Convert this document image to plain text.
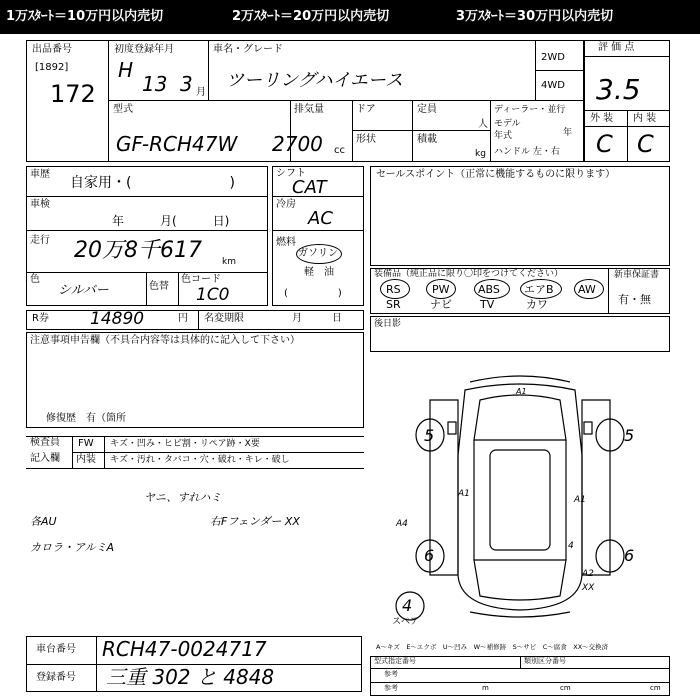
1万ｽﾀｰﾄ＝10万円以内売切	2万ｽﾀｰﾄ＝20万円以内売切	3万ｽﾀｰﾄ＝30万円以内売切
出品番号
[1892]
172
初度登録年月
H
13 3 月
車名・グレード
ツーリングハイエース
2WD
4WD
型式
GF-RCH47W
排気量
2700 cc
ドア
形状
定員
人
積載
kg
ディーラー・並行
モデル
年式	年
ハンドル 左・右
評 価 点
3.5
外 装 内 装
C C
車歴
自家用・(　　　　　　　)
車検
年　　　月(　　　日)
走行 20万8千617 km
色
シルバー	色替
色コード
1C0
シフト
CAT
冷房
AC
燃料
ガソリン
軽　油
(　　　　　)
セールスポイント（正常に機能するものに限ります）
装備品（純正品に限り〇印をつけてください）	新車保証書
有・無
RS	PW	ABS エアB AW
SR	ナビ	TV	カワ
R券 14890	円 名変期限	月　　　日	後日影
注意事項申告欄（不具合内容等は具体的に記入して下さい）
修復歴　有（箇所
検査員
記入欄
FW キズ・凹み・ヒビ割・リペア跡・X要
内装 キズ・汚れ・タバコ・穴・破れ・キレ・破し
ヤニ、すれハミ
右Fフェンダー XX
各AU
カロラ・アルミA
5	5
6	6
4
スペア
A1
A1
A4
A2
XX
A1
4
A～キズ　E～エクボ　U～凹み　W～補修跡　S～サビ　C～腐食　XX～交換済
車台番号 RCH47-0024717
登録番号 三重 302 と 4848
型式指定番号	類別区分番号
参考
参考	m	cm	cm
